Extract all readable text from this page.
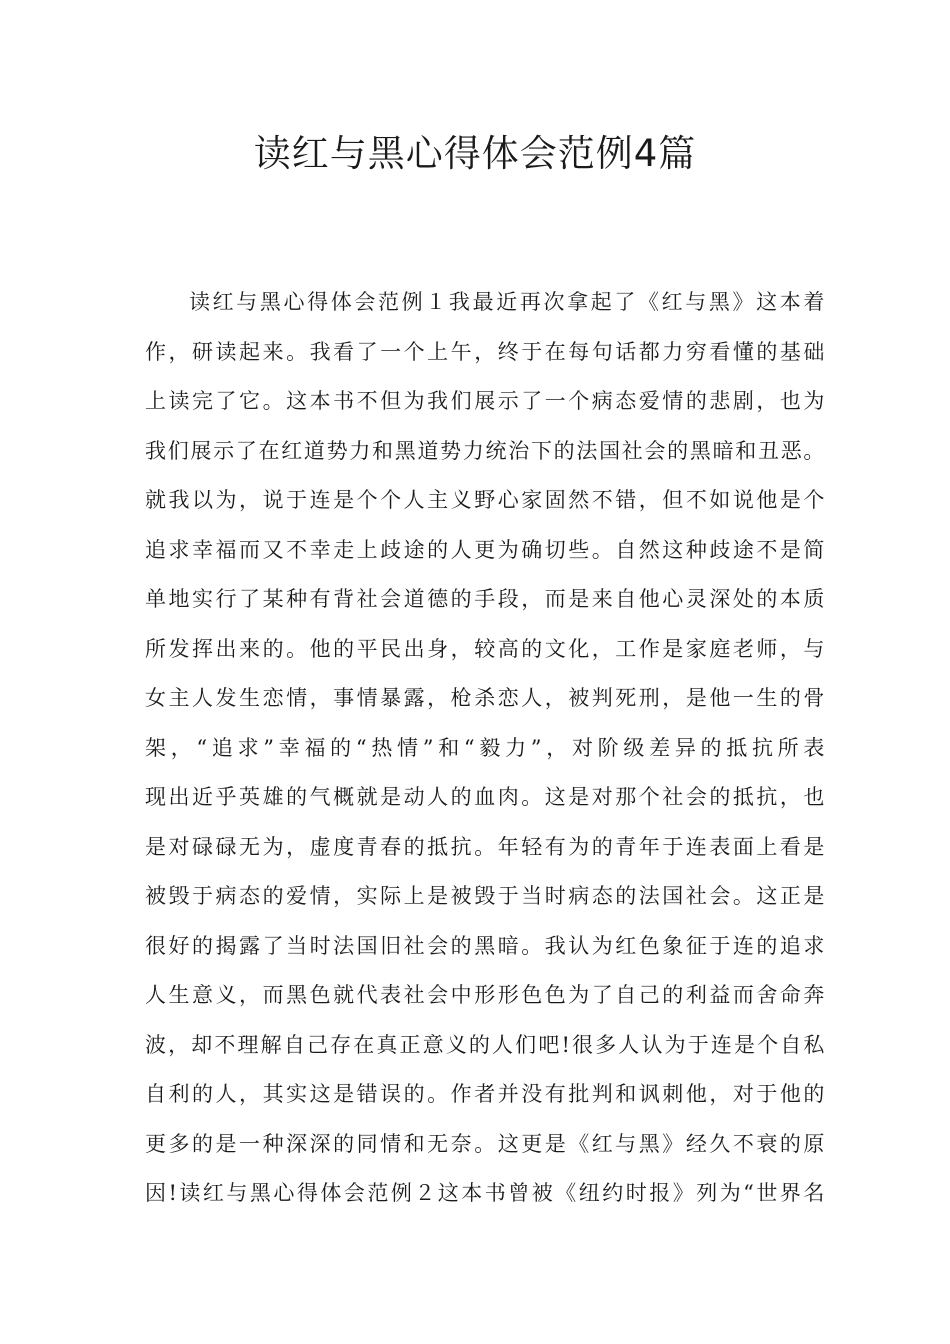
读红与黑心得体会范例4篇
读红与黑心得体会范例１我最近再次拿起了《红与黑》这本着
作，研读起来。我看了一个上午，终于在每句话都力穷看懂的基础
上读完了它。这本书不但为我们展示了一个病态爱情的悲剧，也为
我们展示了在红道势力和黑道势力统治下的法国社会的黑暗和丑恶。
就我以为，说于连是个个人主义野心家固然不错，但不如说他是个
追求幸福而又不幸走上歧途的人更为确切些。自然这种歧途不是简
单地实行了某种有背社会道德的手段，而是来自他心灵深处的本质
所发挥出来的。他的平民出身，较高的文化，工作是家庭老师，与
女主人发生恋情，事情暴露，枪杀恋人，被判死刑，是他一生的骨
架，“追求”幸福的“热情”和“毅力”，对阶级差异的抵抗所表
现出近乎英雄的气概就是动人的血肉。这是对那个社会的抵抗，也
是对碌碌无为，虚度青春的抵抗。年轻有为的青年于连表面上看是
被毁于病态的爱情，实际上是被毁于当时病态的法国社会。这正是
很好的揭露了当时法国旧社会的黑暗。我认为红色象征于连的追求
人生意义，而黑色就代表社会中形形色色为了自己的利益而舍命奔
波，却不理解自己存在真正意义的人们吧!很多人认为于连是个自私
自利的人，其实这是错误的。作者并没有批判和讽刺他，对于他的
更多的是一种深深的同情和无奈。这更是《红与黑》经久不衰的原
因!读红与黑心得体会范例２这本书曾被《纽约时报》列为“世界名
